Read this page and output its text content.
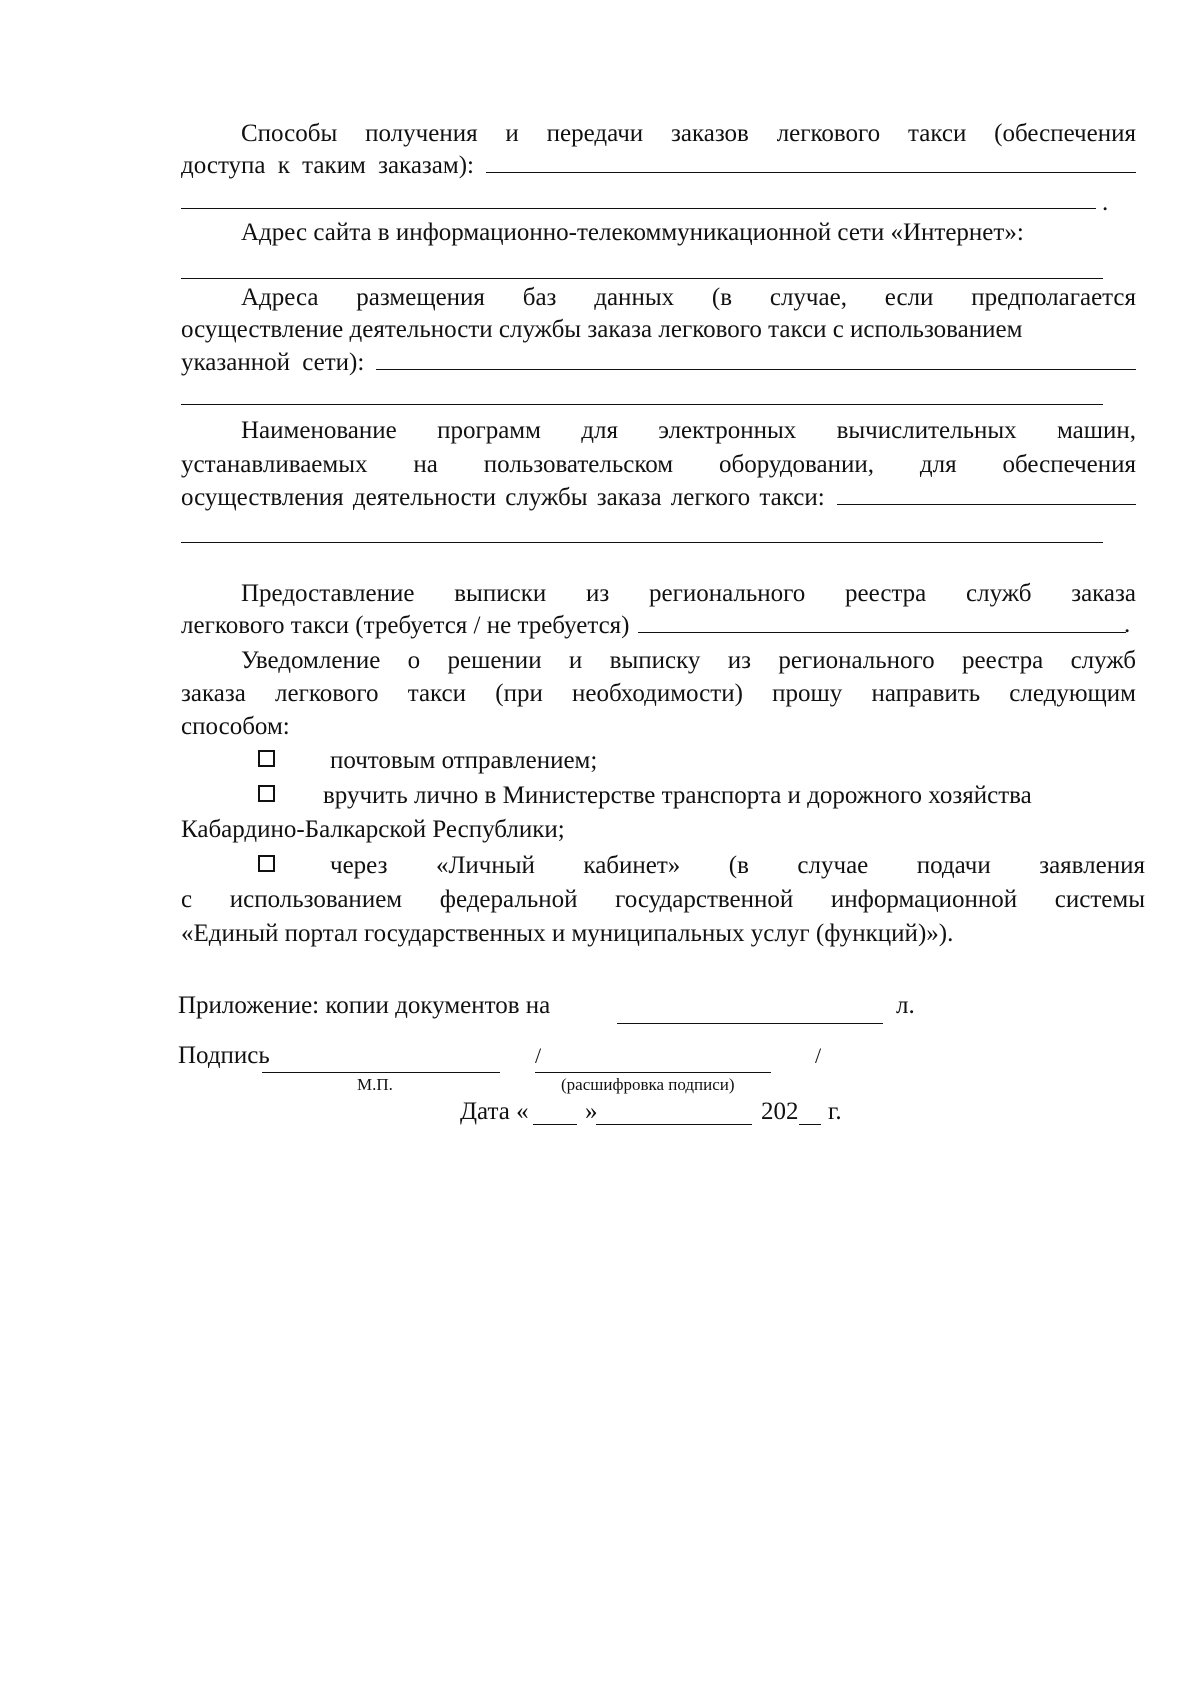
Способы получения и передачи заказов легкового такси (обеспечения
доступа к таким заказам):
.
Адрес сайта в информационно-телекоммуникационной сети «Интернет»:
Адреса размещения баз данных (в случае, если предполагается
осуществление деятельности службы заказа легкового такси с использованием
указанной сети):
Наименование программ для электронных вычислительных машин,
устанавливаемых на пользовательском оборудовании, для обеспечения
осуществления деятельности службы заказа легкого такси:
Предоставление выписки из регионального реестра служб заказа
легкового такси (требуется / не требуется)	.
Уведомление о решении и выписку из регионального реестра служб
заказа легкового такси (при необходимости) прошу направить следующим
способом:
почтовым отправлением;
вручить лично в Министерстве транспорта и дорожного хозяйства
Кабардино-Балкарской Республики;
через «Личный кабинет» (в случае подачи заявления
с использованием федеральной государственной информационной системы
«Единый портал государственных и муниципальных услуг (функций)»).
Приложение: копии документов на	л.
Подпись	/	/
М.П.	(расшифровка подписи)
Дата « »	202 г.
